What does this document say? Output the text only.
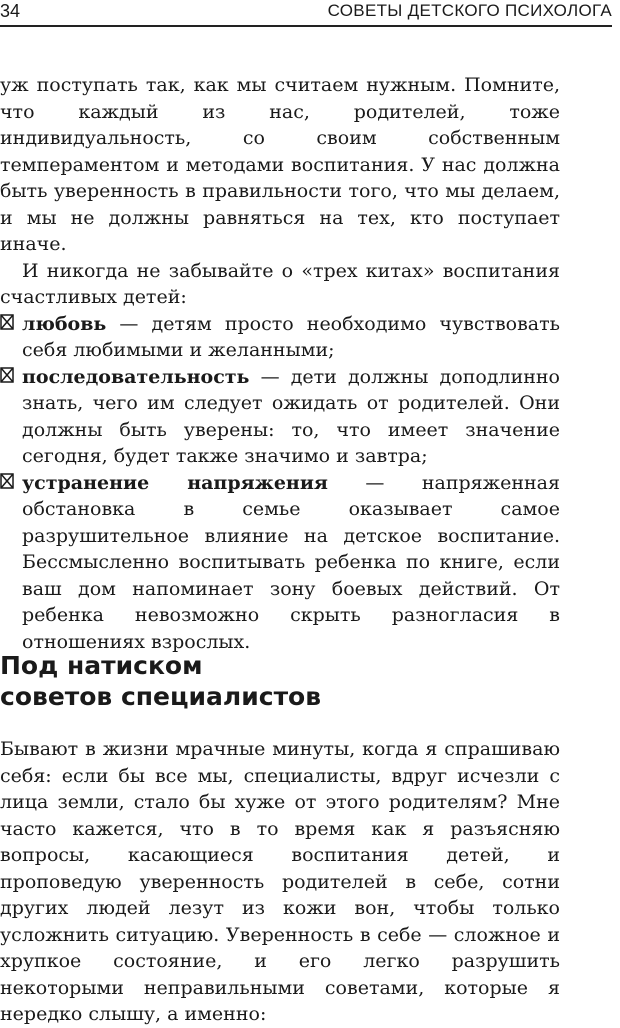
34	СОВЕТЫ ДЕТСКОГО ПСИХОЛОГА

уж поступать так, как мы считаем нужным. Помните, что каждый из нас, родителей, тоже индивидуальность, со своим собственным темпераментом и методами воспитания. У нас должна быть уверенность в правильности того, что мы делаем, и мы не должны равняться на тех, кто поступает иначе.

И никогда не забывайте о «трех китах» воспитания счастливых детей:

любовь — детям просто необходимо чувствовать себя любимыми и желанными;
последовательность — дети должны доподлинно знать, чего им следует ожидать от родителей. Они должны быть уверены: то, что имеет значение сегодня, будет также значимо и завтра;
устранение напряжения — напряженная обстановка в семье оказывает самое разрушительное влияние на детское воспитание. Бессмысленно воспитывать ребенка по книге, если ваш дом напоминает зону боевых действий. От ребенка невозможно скрыть разногласия в отношениях взрослых.
Под натиском
советов специалистов

Бывают в жизни мрачные минуты, когда я спрашиваю себя: если бы все мы, специалисты, вдруг исчезли с лица земли, стало бы хуже от этого родителям? Мне часто кажется, что в то время как я разъясняю вопросы, касающиеся воспитания детей, и проповедую уверенность родителей в себе, сотни других людей лезут из кожи вон, чтобы только усложнить ситуацию. Уверенность в себе — сложное и хрупкое состояние, и его легко разрушить некоторыми неправильными советами, которые я нередко слышу, а именно:
